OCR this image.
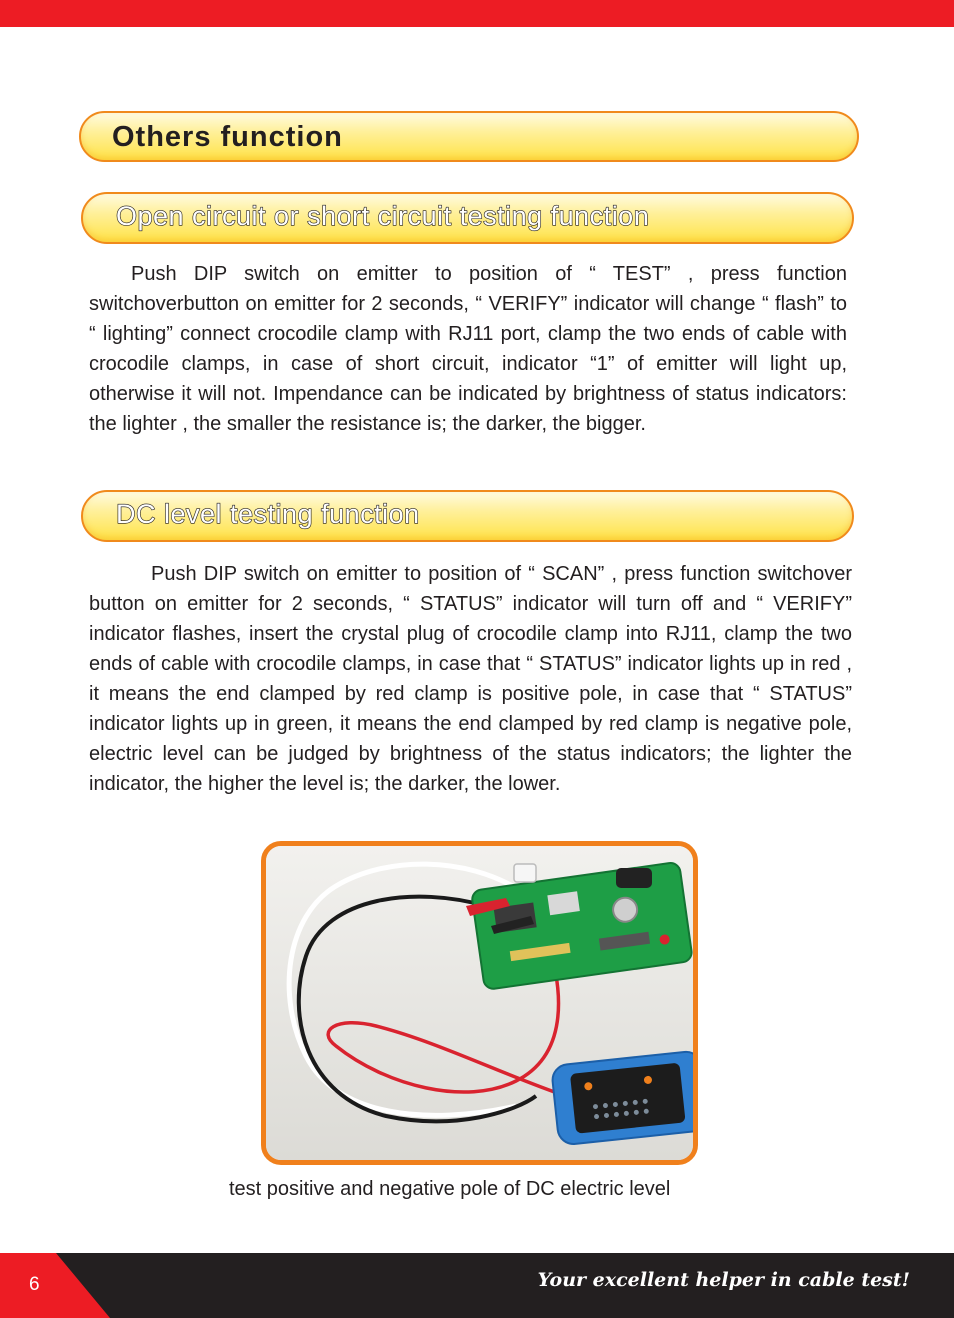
Others function
Open circuit or short circuit testing function

Push DIP switch on emitter to position of “ TEST” , press function switchoverbutton on emitter for 2 seconds, “ VERIFY” indicator will change “ flash” to “ lighting” connect crocodile clamp with RJ11 port, clamp the two ends of cable with crocodile clamps, in case of short circuit, indicator “1” of emitter will light up, otherwise it will not. Impendance can be indicated by brightness of status indicators: the lighter , the smaller the resistance is; the darker, the bigger.

DC level testing function

Push DIP switch on emitter to position of “ SCAN” , press function switchover button on emitter for 2 seconds, “ STATUS” indicator will turn off and “ VERIFY” indicator flashes, insert the crystal plug of crocodile clamp into RJ11, clamp the two ends of cable with crocodile clamps, in case that “ STATUS” indicator lights up in red , it means the end clamped by red clamp is positive pole, in case that “ STATUS” indicator lights up in green, it means the end clamped by red clamp is negative pole, electric level can be judged by brightness of the status indicators; the lighter the indicator, the higher the level is; the darker, the lower.

test positive and negative pole of DC electric level
6	Your excellent helper in cable test!
